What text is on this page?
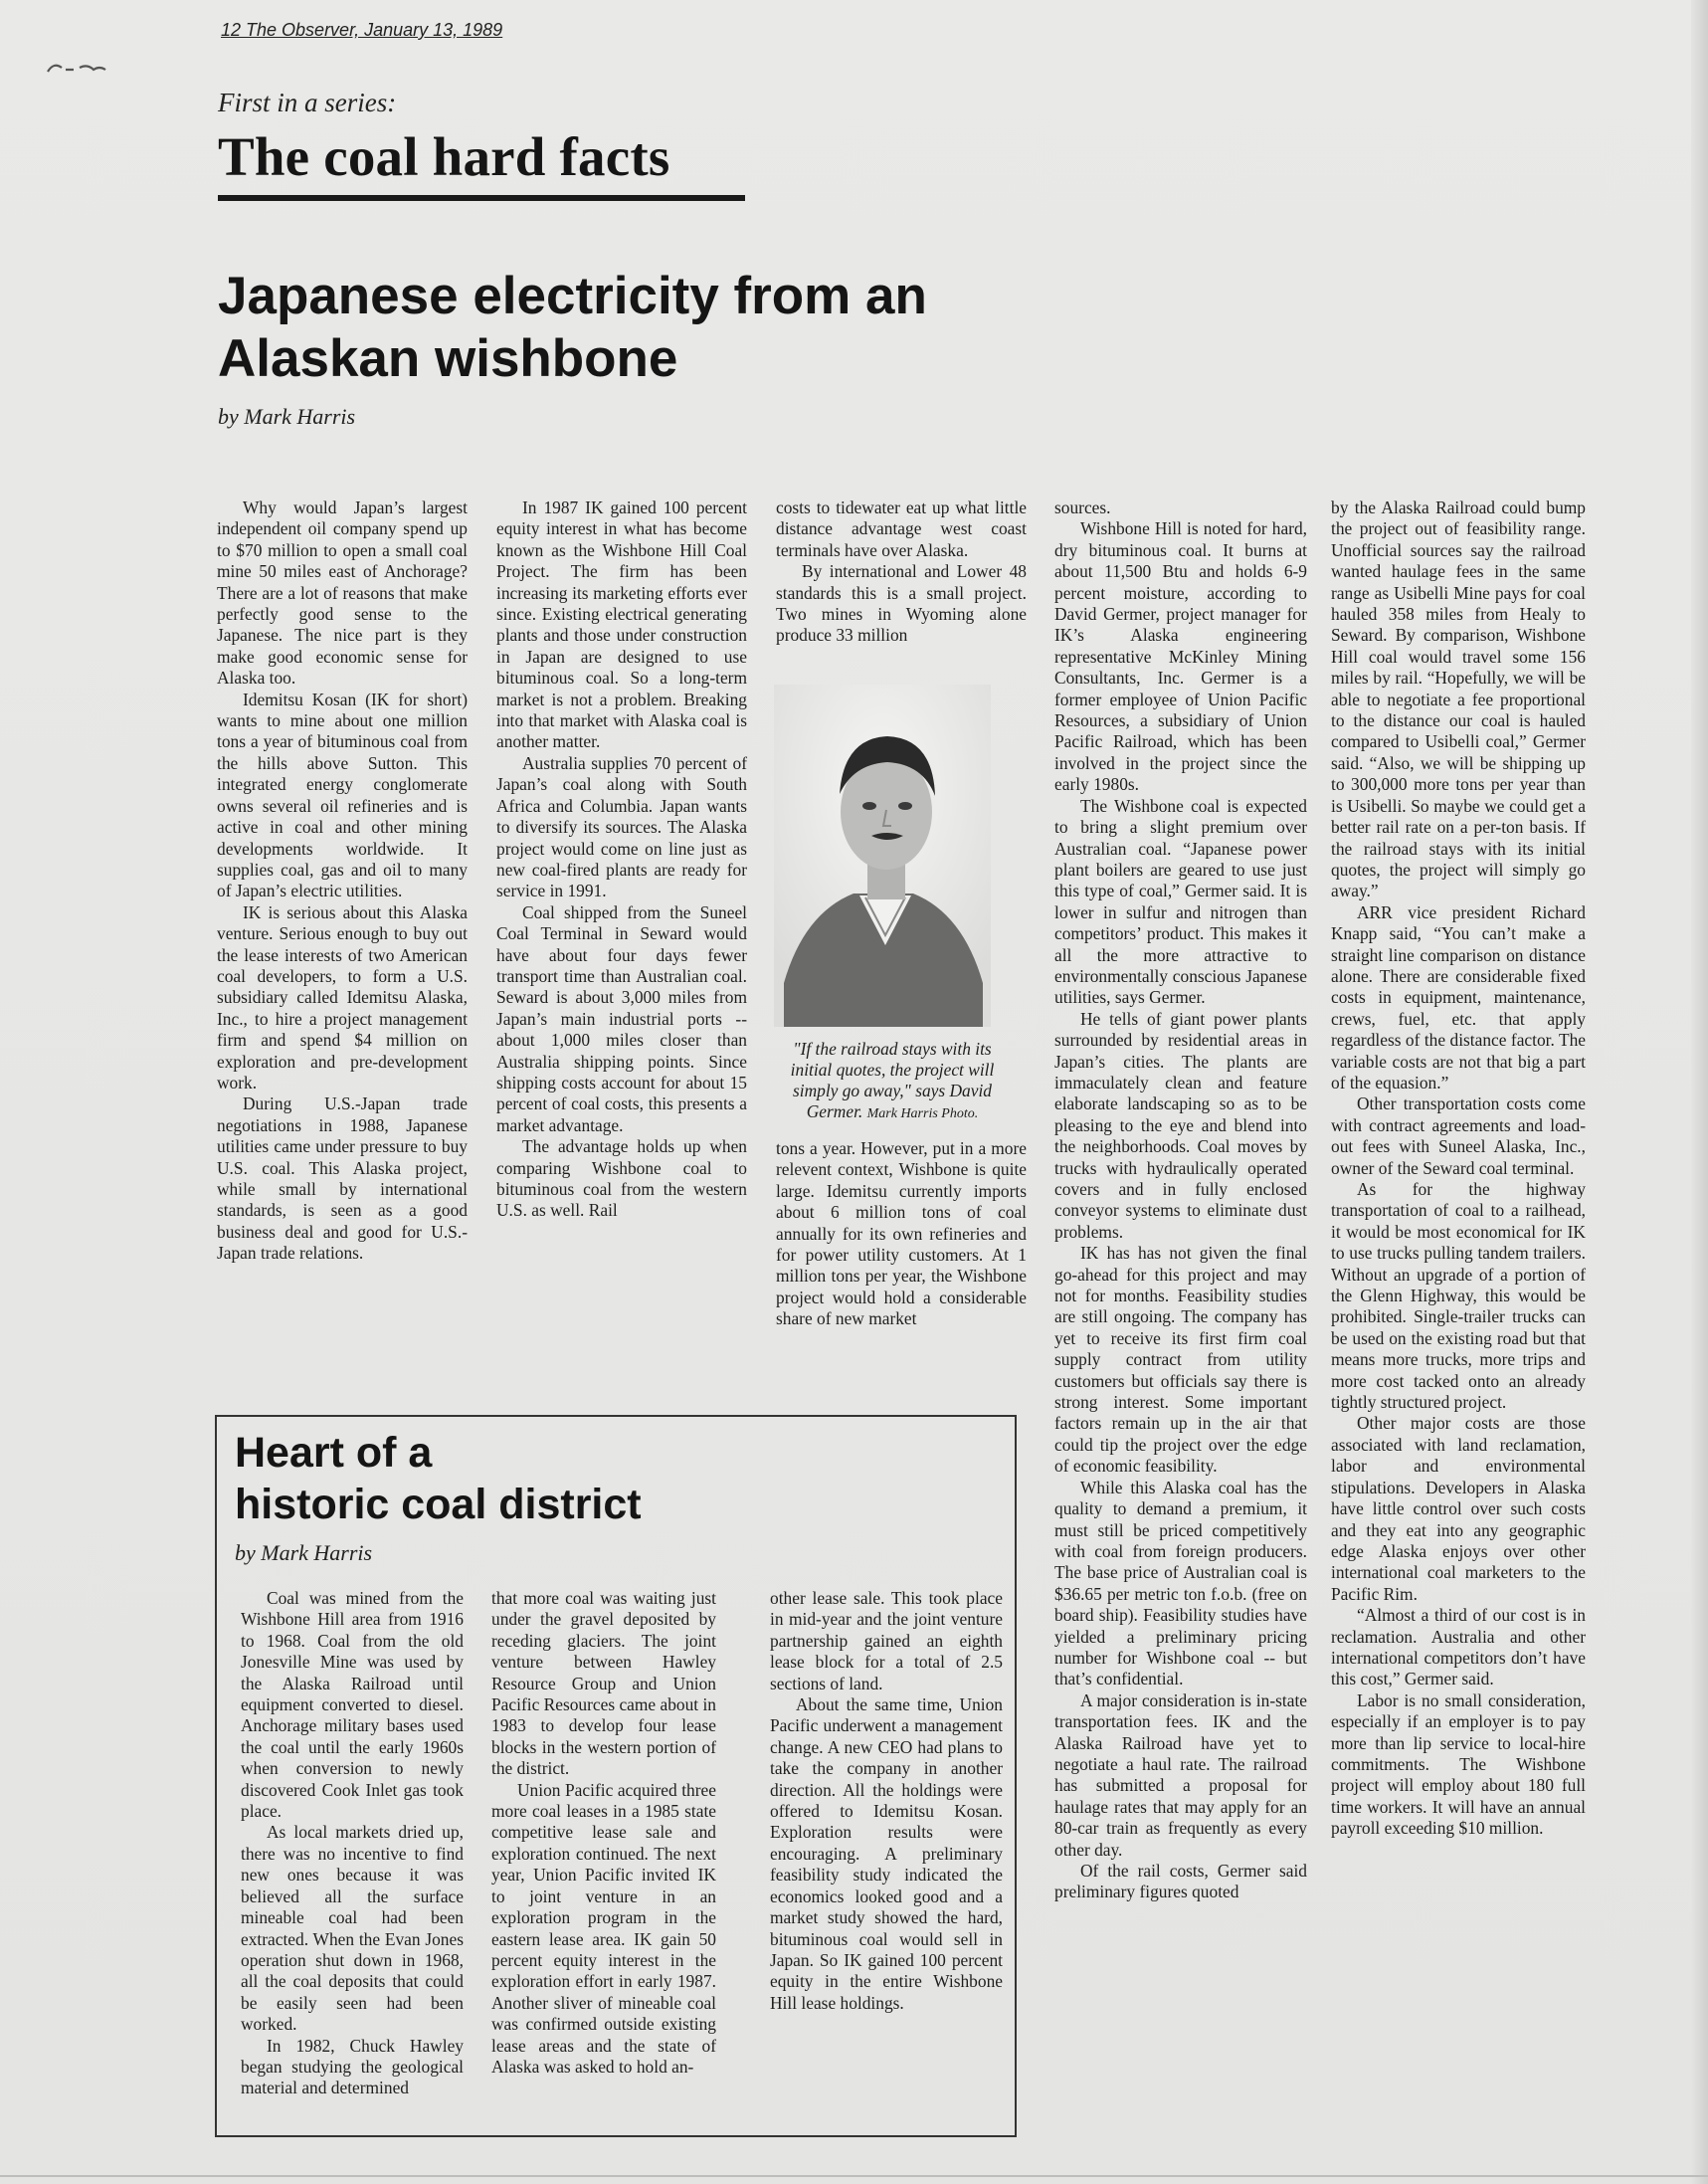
12 The Observer, January 13, 1989
First in a series:
The coal hard facts
Japanese electricity from an
Alaskan wishbone
by Mark Harris

Why would Japan’s largest independent oil company spend up to $70 million to open a small coal mine 50 miles east of Anchorage? There are a lot of reasons that make perfectly good sense to the Japanese. The nice part is they make good economic sense for Alaska too.

Idemitsu Kosan (IK for short) wants to mine about one million tons a year of bituminous coal from the hills above Sutton. This integrated energy conglomerate owns several oil refineries and is active in coal and other mining developments worldwide. It supplies coal, gas and oil to many of Japan’s electric utilities.

IK is serious about this Alaska venture. Serious enough to buy out the lease interests of two American coal developers, to form a U.S. subsidiary called Idemitsu Alaska, Inc., to hire a project management firm and spend $4 million on exploration and pre-development work.

During U.S.-Japan trade negotiations in 1988, Japanese utilities came under pressure to buy U.S. coal. This Alaska project, while small by international standards, is seen as a good business deal and good for U.S.-Japan trade relations.

In 1987 IK gained 100 percent equity interest in what has become known as the Wishbone Hill Coal Project. The firm has been increasing its marketing efforts ever since. Existing electrical generating plants and those under construction in Japan are designed to use bituminous coal. So a long-term market is not a problem. Breaking into that market with Alaska coal is another matter.

Australia supplies 70 percent of Japan’s coal along with South Africa and Columbia. Japan wants to diversify its sources. The Alaska project would come on line just as new coal-fired plants are ready for service in 1991.

Coal shipped from the Suneel Coal Terminal in Seward would have about four days fewer transport time than Australian coal. Seward is about 3,000 miles from Japan’s main industrial ports -- about 1,000 miles closer than Australia shipping points. Since shipping costs account for about 15 percent of coal costs, this presents a market advantage.

The advantage holds up when comparing Wishbone coal to bituminous coal from the western U.S. as well. Rail

costs to tidewater eat up what little distance advantage west coast terminals have over Alaska.

By international and Lower 48 standards this is a small project. Two mines in Wyoming alone produce 33 million

tons a year. However, put in a more relevent context, Wishbone is quite large. Idemitsu currently imports about 6 million tons of coal annually for its own refineries and for power utility customers. At 1 million tons per year, the Wishbone project would hold a considerable share of new market

sources.

Wishbone Hill is noted for hard, dry bituminous coal. It burns at about 11,500 Btu and holds 6-9 percent moisture, according to David Germer, project manager for IK’s Alaska engineering representative McKinley Mining Consultants, Inc. Germer is a former employee of Union Pacific Resources, a subsidiary of Union Pacific Railroad, which has been involved in the project since the early 1980s.

The Wishbone coal is expected to bring a slight premium over Australian coal. “Japanese power plant boilers are geared to use just this type of coal,” Germer said. It is lower in sulfur and nitrogen than competitors’ product. This makes it all the more attractive to environmentally conscious Japanese utilities, says Germer.

He tells of giant power plants surrounded by residential areas in Japan’s cities. The plants are immaculately clean and feature elaborate landscaping so as to be pleasing to the eye and blend into the neighborhoods. Coal moves by trucks with hydraulically operated covers and in fully enclosed conveyor systems to eliminate dust problems.

IK has has not given the final go-ahead for this project and may not for months. Feasibility studies are still ongoing. The company has yet to receive its first firm coal supply contract from utility customers but officials say there is strong interest. Some important factors remain up in the air that could tip the project over the edge of economic feasibility.

While this Alaska coal has the quality to demand a premium, it must still be priced competitively with coal from foreign producers. The base price of Australian coal is $36.65 per metric ton f.o.b. (free on board ship). Feasibility studies have yielded a preliminary pricing number for Wishbone coal -- but that’s confidential.

A major consideration is in-state transportation fees. IK and the Alaska Railroad have yet to negotiate a haul rate. The railroad has submitted a proposal for haulage rates that may apply for an 80-car train as frequently as every other day.

Of the rail costs, Germer said preliminary figures quoted

by the Alaska Railroad could bump the project out of feasibility range. Unofficial sources say the railroad wanted haulage fees in the same range as Usibelli Mine pays for coal hauled 358 miles from Healy to Seward. By comparison, Wishbone Hill coal would travel some 156 miles by rail. “Hopefully, we will be able to negotiate a fee proportional to the distance our coal is hauled compared to Usibelli coal,” Germer said. “Also, we will be shipping up to 300,000 more tons per year than is Usibelli. So maybe we could get a better rail rate on a per-ton basis. If the railroad stays with its initial quotes, the project will simply go away.”

ARR vice president Richard Knapp said, “You can’t make a straight line comparison on distance alone. There are considerable fixed costs in equipment, maintenance, crews, fuel, etc. that apply regardless of the distance factor. The variable costs are not that big a part of the equasion.”

Other transportation costs come with contract agreements and load-out fees with Suneel Alaska, Inc., owner of the Seward coal terminal.

As for the highway transportation of coal to a railhead, it would be most economical for IK to use trucks pulling tandem trailers. Without an upgrade of a portion of the Glenn Highway, this would be prohibited. Single-trailer trucks can be used on the existing road but that means more trucks, more trips and more cost tacked onto an already tightly structured project.

Other major costs are those associated with land reclamation, labor and environmental stipulations. Developers in Alaska have little control over such costs and they eat into any geographic edge Alaska enjoys over other international coal marketers to the Pacific Rim.

“Almost a third of our cost is in reclamation. Australia and other international competitors don’t have this cost,” Germer said.

Labor is no small consideration, especially if an employer is to pay more than lip service to local-hire commitments. The Wishbone project will employ about 180 full time workers. It will have an annual payroll exceeding $10 million.

"If the railroad stays with its initial quotes, the project will simply go away," says David Germer. Mark Harris Photo.
Heart of a
historic coal district
by Mark Harris

Coal was mined from the Wishbone Hill area from 1916 to 1968. Coal from the old Jonesville Mine was used by the Alaska Railroad until equipment converted to diesel. Anchorage military bases used the coal until the early 1960s when conversion to newly discovered Cook Inlet gas took place.

As local markets dried up, there was no incentive to find new ones because it was believed all the surface mineable coal had been extracted. When the Evan Jones operation shut down in 1968, all the coal deposits that could be easily seen had been worked.

In 1982, Chuck Hawley began studying the geological material and determined

that more coal was waiting just under the gravel deposited by receding glaciers. The joint venture between Hawley Resource Group and Union Pacific Resources came about in 1983 to develop four lease blocks in the western portion of the district.

Union Pacific acquired three more coal leases in a 1985 state competitive lease sale and exploration continued. The next year, Union Pacific invited IK to joint venture in an exploration program in the eastern lease area. IK gain 50 percent equity interest in the exploration effort in early 1987. Another sliver of mineable coal was confirmed outside existing lease areas and the state of Alaska was asked to hold an-

other lease sale. This took place in mid-year and the joint venture partnership gained an eighth lease block for a total of 2.5 sections of land.

About the same time, Union Pacific underwent a management change. A new CEO had plans to take the company in another direction. All the holdings were offered to Idemitsu Kosan. Exploration results were encouraging. A preliminary feasibility study indicated the economics looked good and a market study showed the hard, bituminous coal would sell in Japan. So IK gained 100 percent equity in the entire Wishbone Hill lease holdings.
